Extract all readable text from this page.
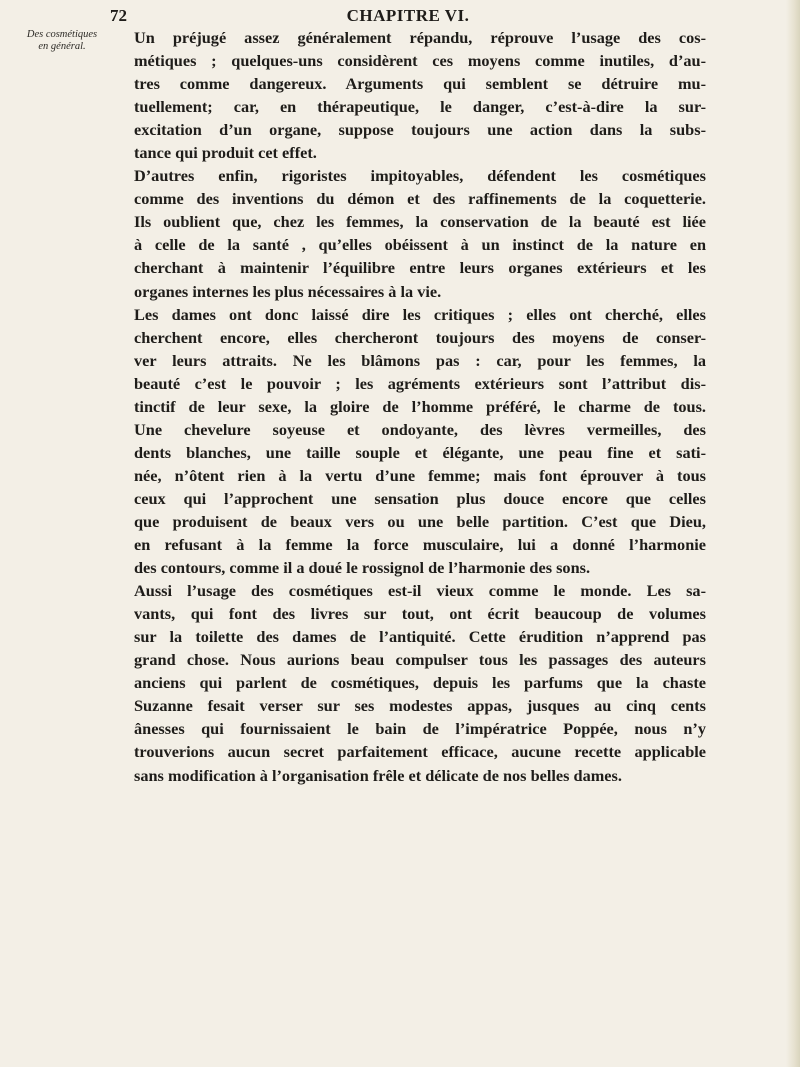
72	CHAPITRE VI.
Des cosmétiques
en général.	Un préjugé assez généralement répandu, réprouve l’usage des cos-
métiques ; quelques-uns considèrent ces moyens comme inutiles, d’au-
tres comme dangereux. Arguments qui semblent se détruire mu-
tuellement; car, en thérapeutique, le danger, c’est-à-dire la sur-
excitation d’un organe, suppose toujours une action dans la subs-
tance qui produit cet effet.

D’autres enfin, rigoristes impitoyables, défendent les cosmétiques
comme des inventions du démon et des raffinements de la coquetterie.
Ils oublient que, chez les femmes, la conservation de la beauté est liée
à celle de la santé , qu’elles obéissent à un instinct de la nature en
cherchant à maintenir l’équilibre entre leurs organes extérieurs et les
organes internes les plus nécessaires à la vie.

Les dames ont donc laissé dire les critiques ; elles ont cherché, elles
cherchent encore, elles chercheront toujours des moyens de conser-
ver leurs attraits. Ne les blâmons pas : car, pour les femmes, la
beauté c’est le pouvoir ; les agréments extérieurs sont l’attribut dis-
tinctif de leur sexe, la gloire de l’homme préféré, le charme de tous.
Une chevelure soyeuse et ondoyante, des lèvres vermeilles, des
dents blanches, une taille souple et élégante, une peau fine et sati-
née, n’ôtent rien à la vertu d’une femme; mais font éprouver à tous
ceux qui l’approchent une sensation plus douce encore que celles
que produisent de beaux vers ou une belle partition. C’est que Dieu,
en refusant à la femme la force musculaire, lui a donné l’harmonie
des contours, comme il a doué le rossignol de l’harmonie des sons.

Aussi l’usage des cosmétiques est-il vieux comme le monde. Les sa-
vants, qui font des livres sur tout, ont écrit beaucoup de volumes
sur la toilette des dames de l’antiquité. Cette érudition n’apprend pas
grand chose. Nous aurions beau compulser tous les passages des auteurs
anciens qui parlent de cosmétiques, depuis les parfums que la chaste
Suzanne fesait verser sur ses modestes appas, jusques au cinq cents
ânesses qui fournissaient le bain de l’impératrice Poppée, nous n’y
trouverions aucun secret parfaitement efficace, aucune recette applicable
sans modification à l’organisation frêle et délicate de nos belles dames.
